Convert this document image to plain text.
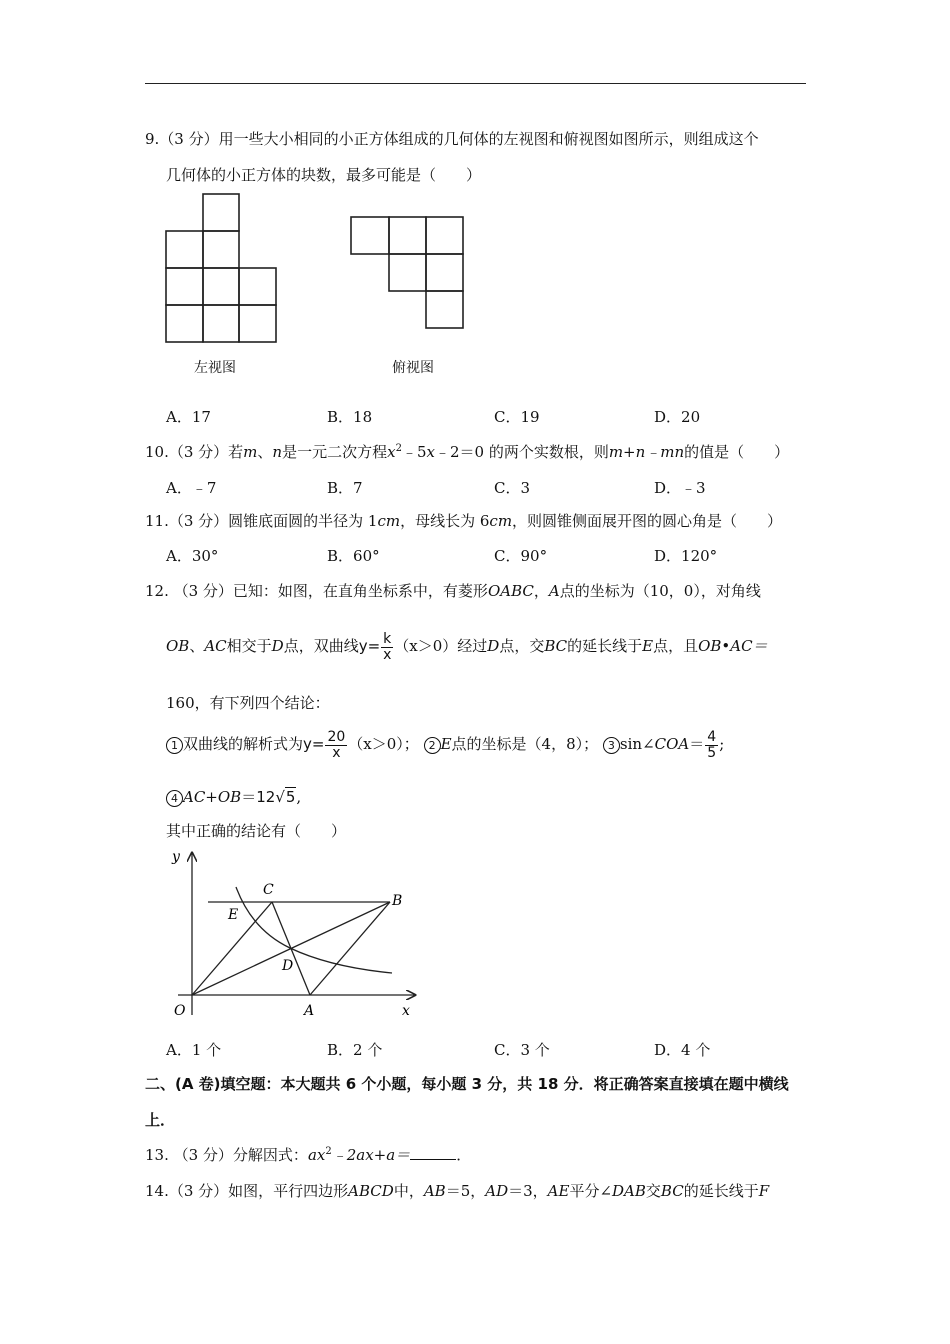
9.（3 分）用一些大小相同的小正方体组成的几何体的左视图和俯视图如图所示，则组成这个
几何体的小正方体的块数，最多可能是（　　）
左视图	俯视图
A．17	B．18	C．19	D．20
10.（3 分）若m、n是一元二次方程$x^2﹣5x﹣2=0$ 的两个实数根，则m+n﹣mn的值是（　　）
A．﹣7	B．7	C．3	D．﹣3
11.（3 分）圆锥底面圆的半径为 1cm，母线长为 6cm，则圆锥侧面展开图的圆心角是（　　）
A．30°	B．60°	C．90°	D．120°
12. （3 分）已知：如图，在直角坐标系中，有菱形OABC，A点的坐标为（10，0），对角线
OB、AC相交于D点，双曲线$y= \frac{k}{x} (x>0)$经过D点，交BC的延长线于E点，且OB•AC＝
160，有下列四个结论：
1 双曲线的解析式为$y= \frac{20}{x} (x>0)$； 2 E点的坐标是（4，8）； 3 sin∠COA＝ $\frac{4}{5}$ ;
4 AC+OB＝12√5,
其中正确的结论有（　　）
y
x
O	A
B
C
D
E
A．1 个	B．2 个	C．3 个	D．4 个
二、(A 卷)填空题：本大题共 6 个小题，每小题 3 分，共 18 分．将正确答案直接填在题中横线
上．
13. （3 分）分解因式：$ax^2﹣2ax+a=$	．
14.（3 分）如图，平行四边形ABCD中，AB＝5，AD＝3，AE平分∠DAB交BC的延长线于F
